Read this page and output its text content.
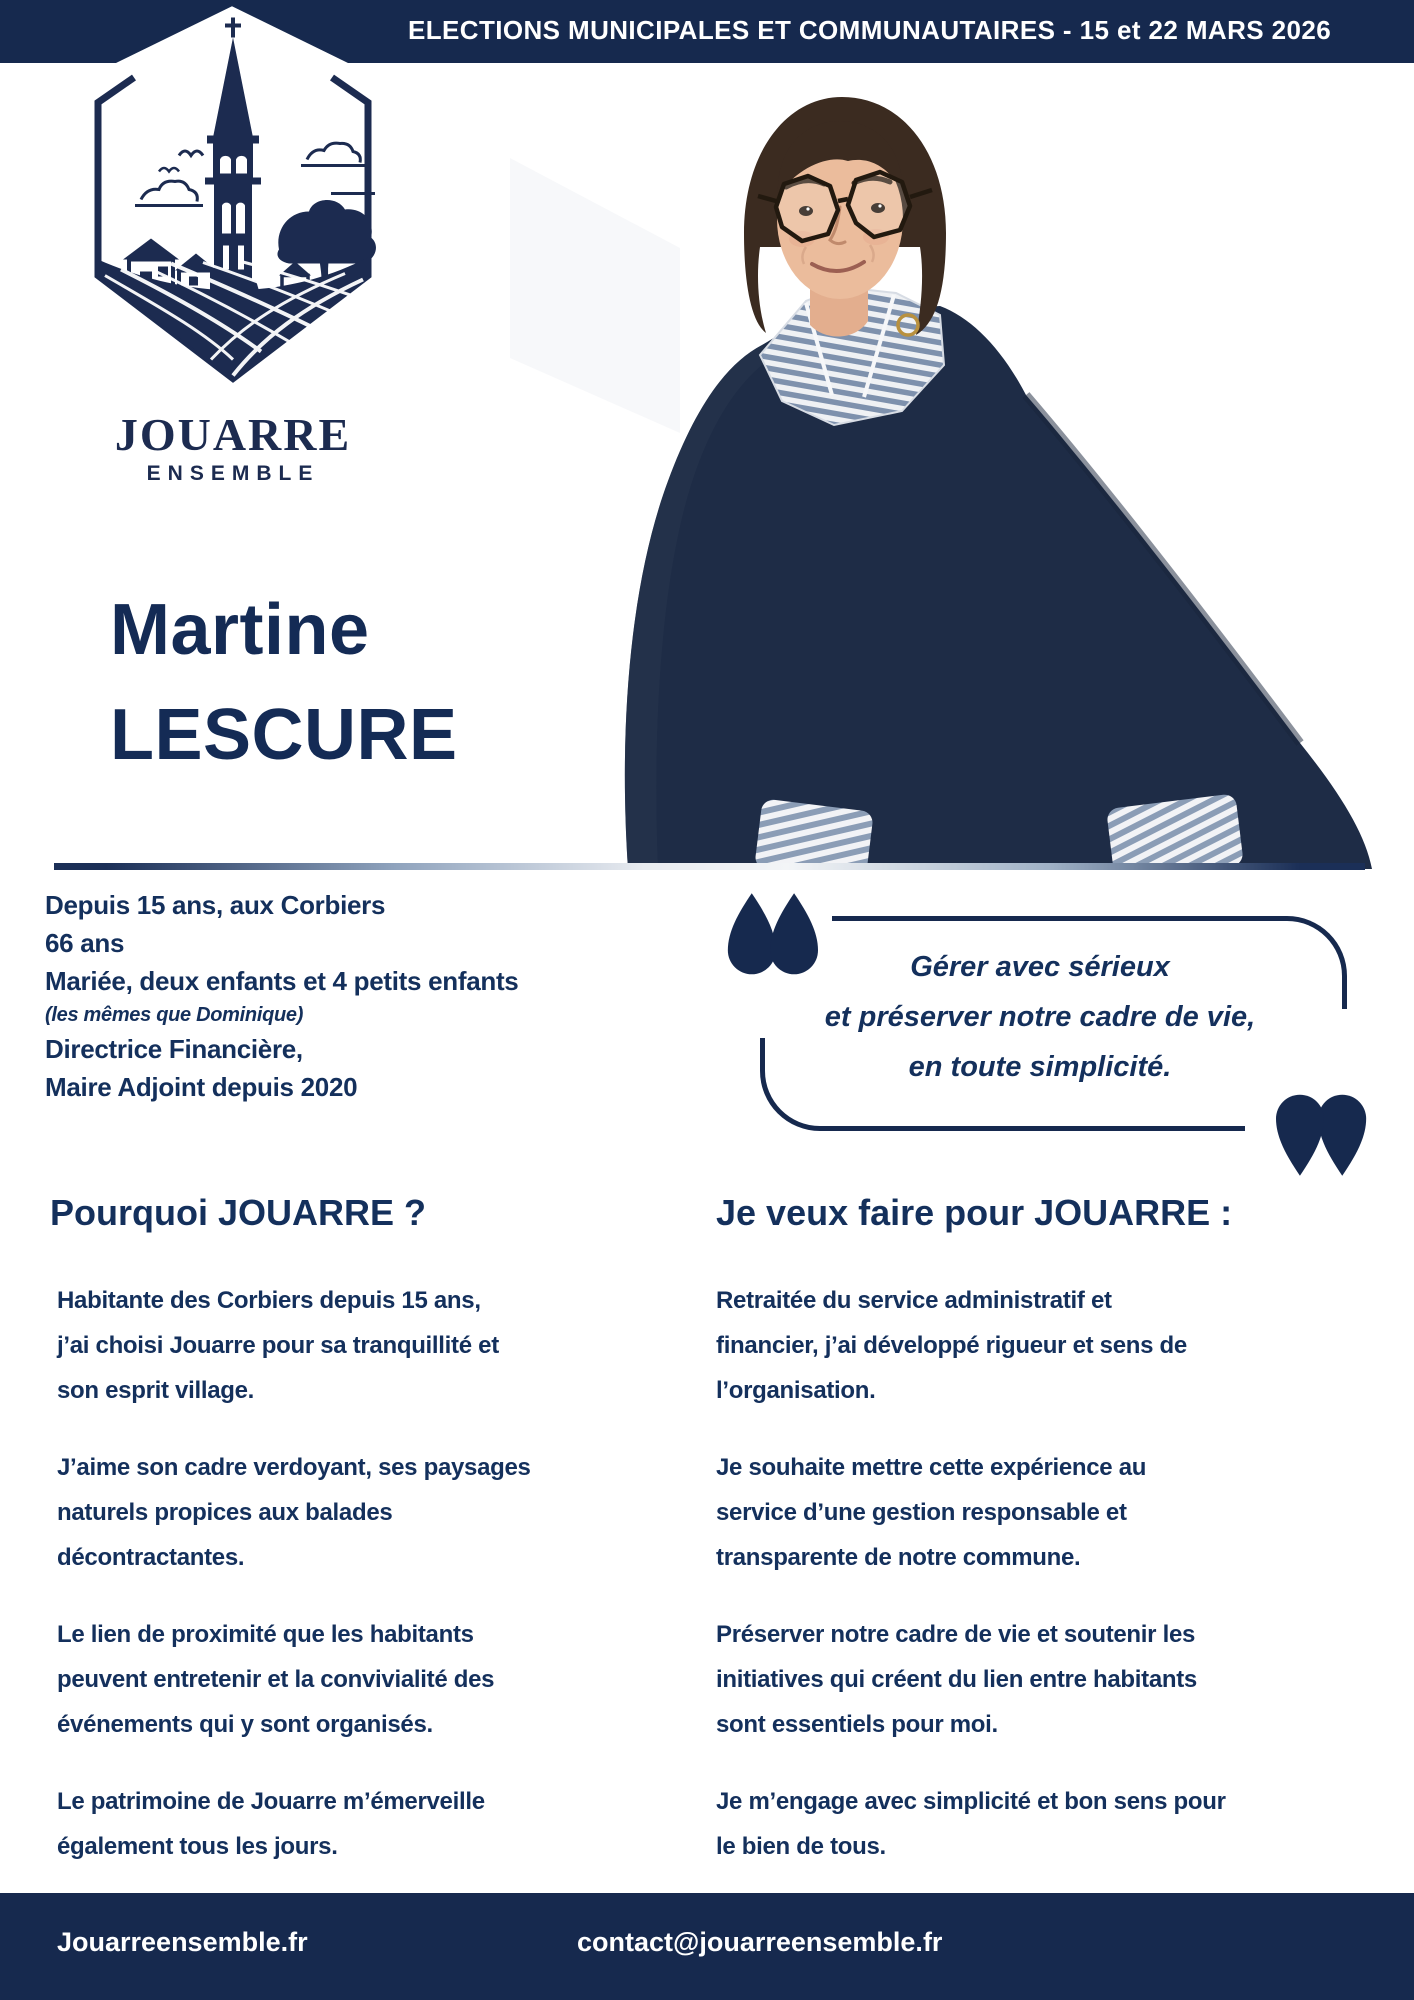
ELECTIONS MUNICIPALES ET COMMUNAUTAIRES - 15 et 22 MARS 2026
JOUARRE
ENSEMBLE
Martine
LESCURE
Depuis 15 ans, aux Corbiers
66 ans
Mariée, deux enfants et 4 petits enfants
(les mêmes que Dominique)
Directrice Financière,
Maire Adjoint depuis 2020
Gérer avec sérieux
et préserver notre cadre de vie,
en toute simplicité.
Pourquoi JOUARRE ?	Je veux faire pour JOUARRE :
Habitante des Corbiers depuis 15 ans,
j’ai choisi Jouarre pour sa tranquillité et
son esprit village.
J’aime son cadre verdoyant, ses paysages
naturels propices aux balades
décontractantes.
Le lien de proximité que les habitants
peuvent entretenir et la convivialité des
événements qui y sont organisés.
Le patrimoine de Jouarre m’émerveille
également tous les jours.
Retraitée du service administratif et
financier, j’ai développé rigueur et sens de
l’organisation.
Je souhaite mettre cette expérience au
service d’une gestion responsable et
transparente de notre commune.
Préserver notre cadre de vie et soutenir les
initiatives qui créent du lien entre habitants
sont essentiels pour moi.
Je m’engage avec simplicité et bon sens pour
le bien de tous.
Jouarreensemble.fr	contact@jouarreensemble.fr
